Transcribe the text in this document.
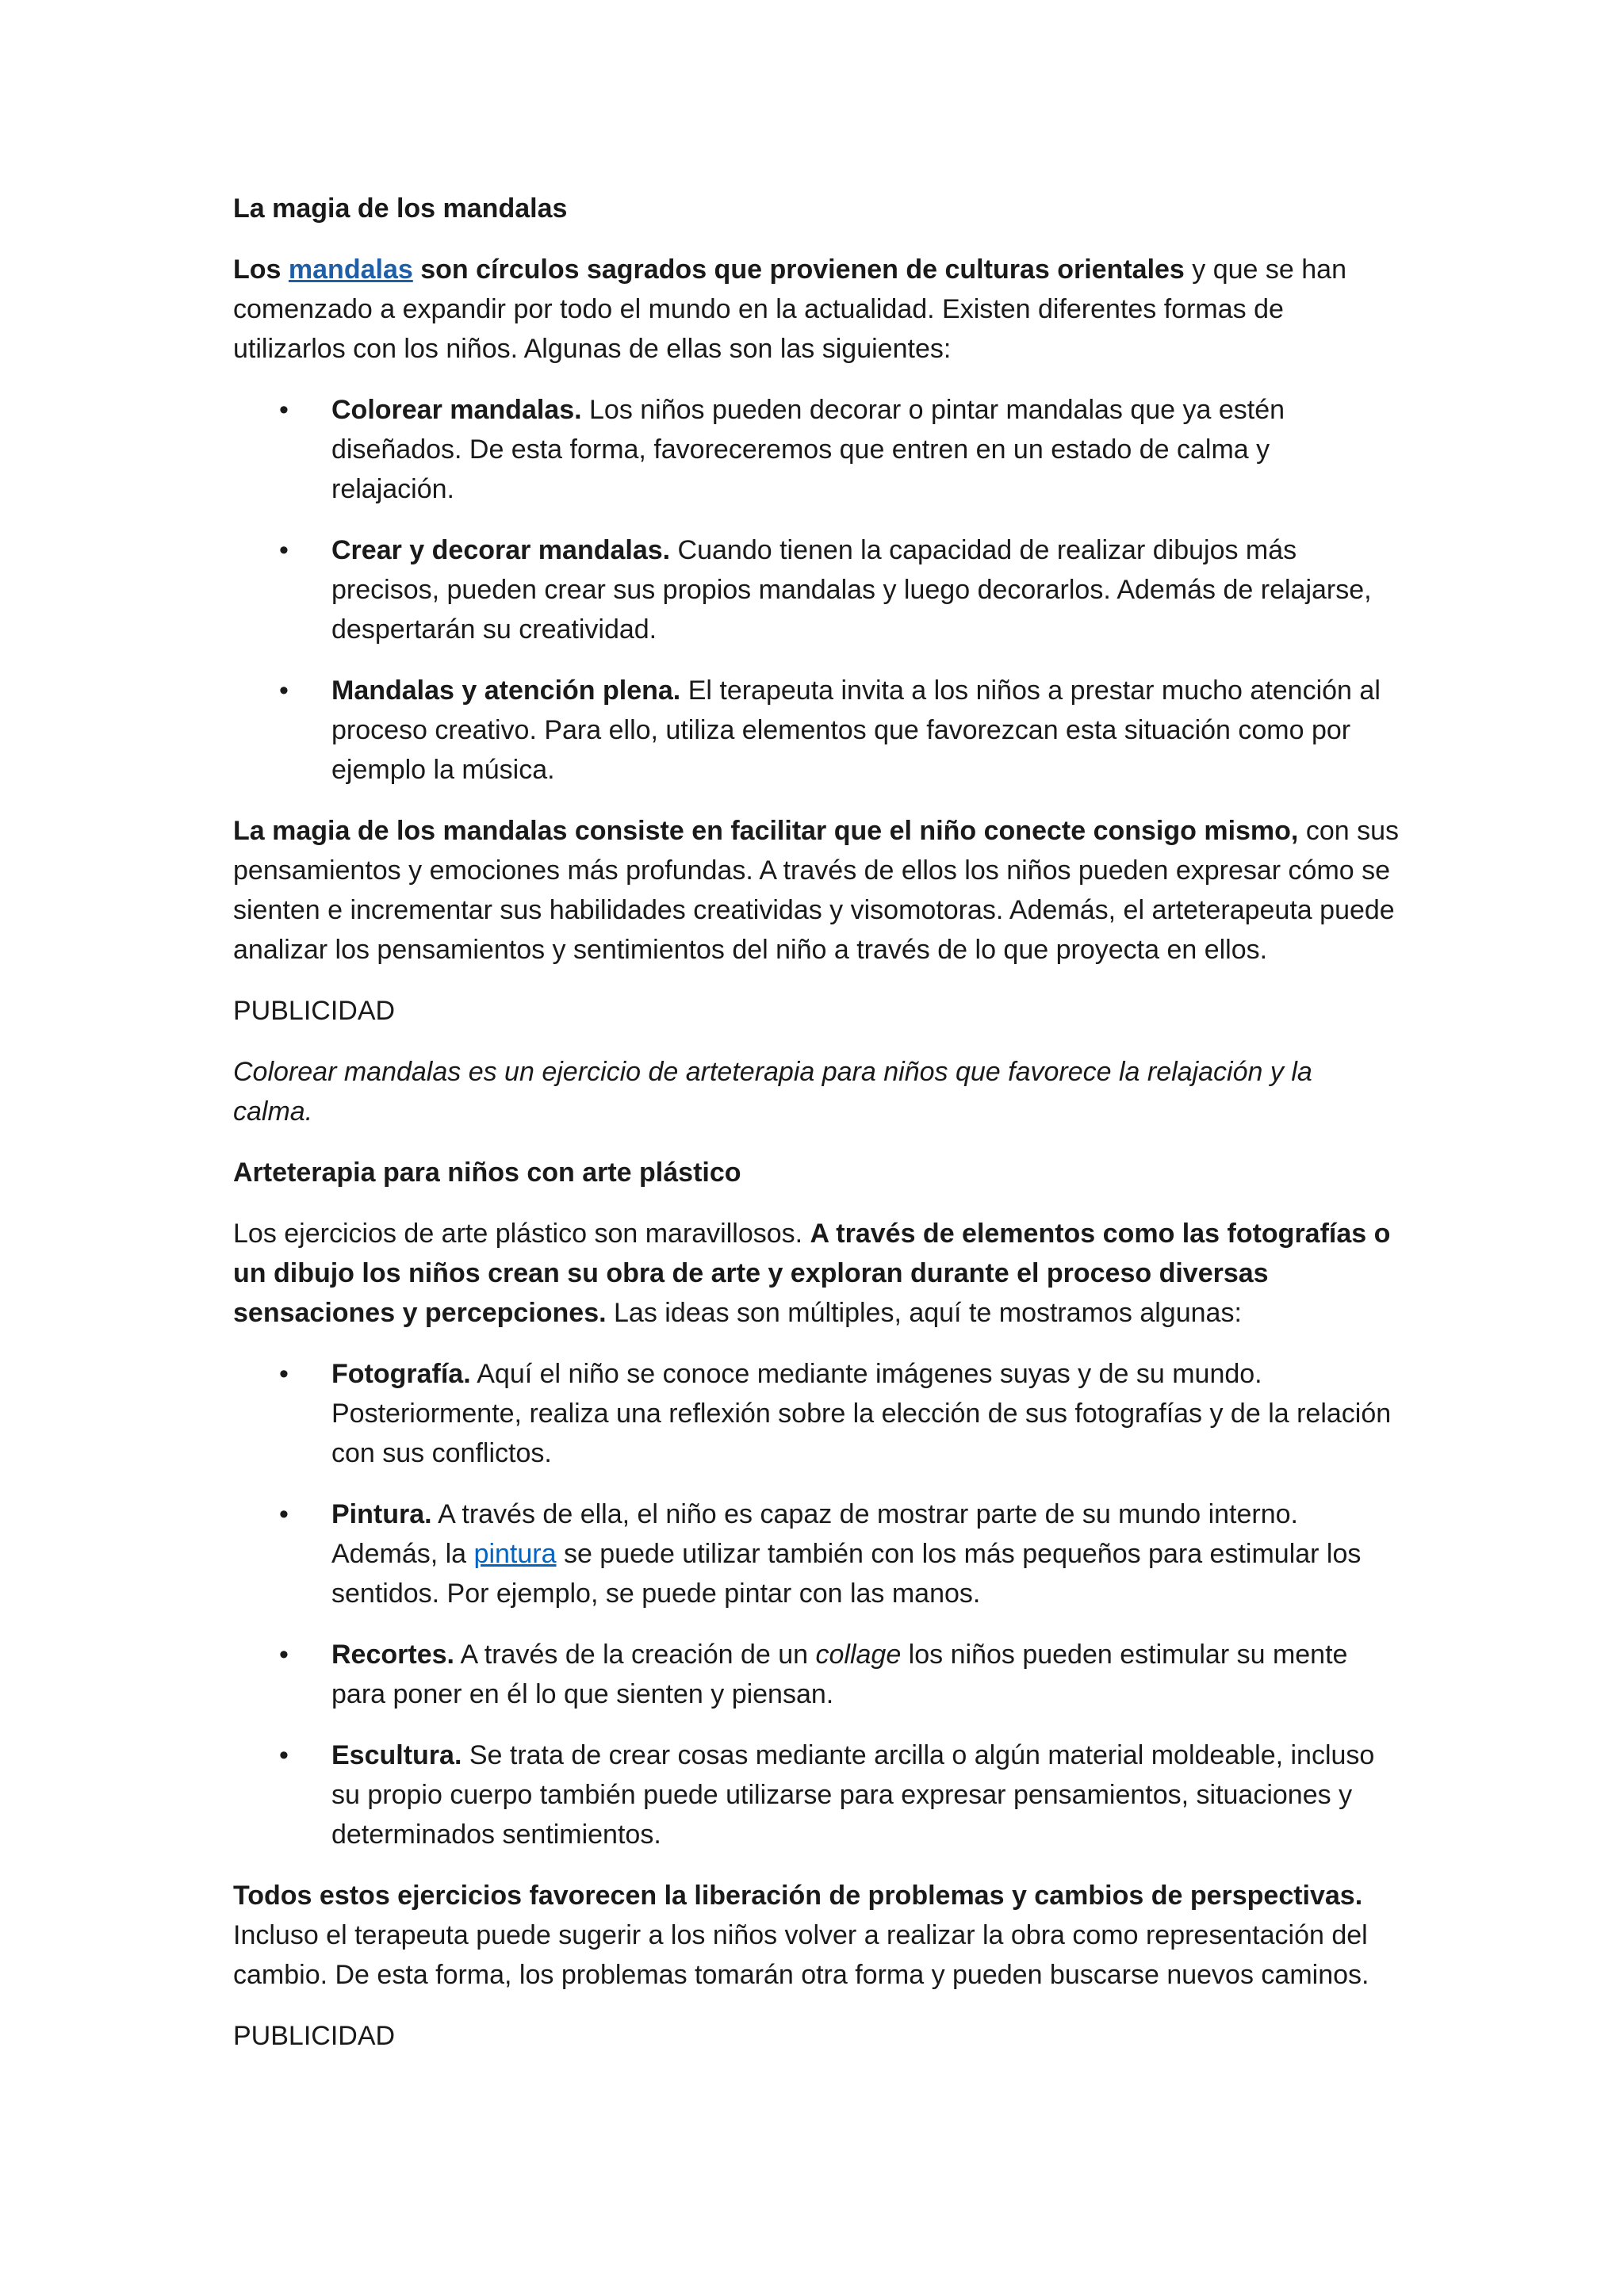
La magia de los mandalas

Los mandalas son círculos sagrados que provienen de culturas orientales y que se han comenzado a expandir por todo el mundo en la actualidad. Existen diferentes formas de utilizarlos con los niños. Algunas de ellas son las siguientes:

• Colorear mandalas. Los niños pueden decorar o pintar mandalas que ya estén diseñados. De esta forma, favoreceremos que entren en un estado de calma y relajación.
• Crear y decorar mandalas. Cuando tienen la capacidad de realizar dibujos más precisos, pueden crear sus propios mandalas y luego decorarlos. Además de relajarse, despertarán su creatividad.
• Mandalas y atención plena. El terapeuta invita a los niños a prestar mucho atención al proceso creativo. Para ello, utiliza elementos que favorezcan esta situación como por ejemplo la música.

La magia de los mandalas consiste en facilitar que el niño conecte consigo mismo, con sus pensamientos y emociones más profundas. A través de ellos los niños pueden expresar cómo se sienten e incrementar sus habilidades creatividas y visomotoras. Además, el arteterapeuta puede analizar los pensamientos y sentimientos del niño a través de lo que proyecta en ellos.

PUBLICIDAD

Colorear mandalas es un ejercicio de arteterapia para niños que favorece la relajación y la calma.

Arteterapia para niños con arte plástico

Los ejercicios de arte plástico son maravillosos. A través de elementos como las fotografías o un dibujo los niños crean su obra de arte y exploran durante el proceso diversas sensaciones y percepciones. Las ideas son múltiples, aquí te mostramos algunas:

• Fotografía. Aquí el niño se conoce mediante imágenes suyas y de su mundo. Posteriormente, realiza una reflexión sobre la elección de sus fotografías y de la relación con sus conflictos.
• Pintura. A través de ella, el niño es capaz de mostrar parte de su mundo interno. Además, la pintura se puede utilizar también con los más pequeños para estimular los sentidos. Por ejemplo, se puede pintar con las manos.
• Recortes. A través de la creación de un collage los niños pueden estimular su mente para poner en él lo que sienten y piensan.
• Escultura. Se trata de crear cosas mediante arcilla o algún material moldeable, incluso su propio cuerpo también puede utilizarse para expresar pensamientos, situaciones y determinados sentimientos.

Todos estos ejercicios favorecen la liberación de problemas y cambios de perspectivas. Incluso el terapeuta puede sugerir a los niños volver a realizar la obra como representación del cambio. De esta forma, los problemas tomarán otra forma y pueden buscarse nuevos caminos.

PUBLICIDAD
